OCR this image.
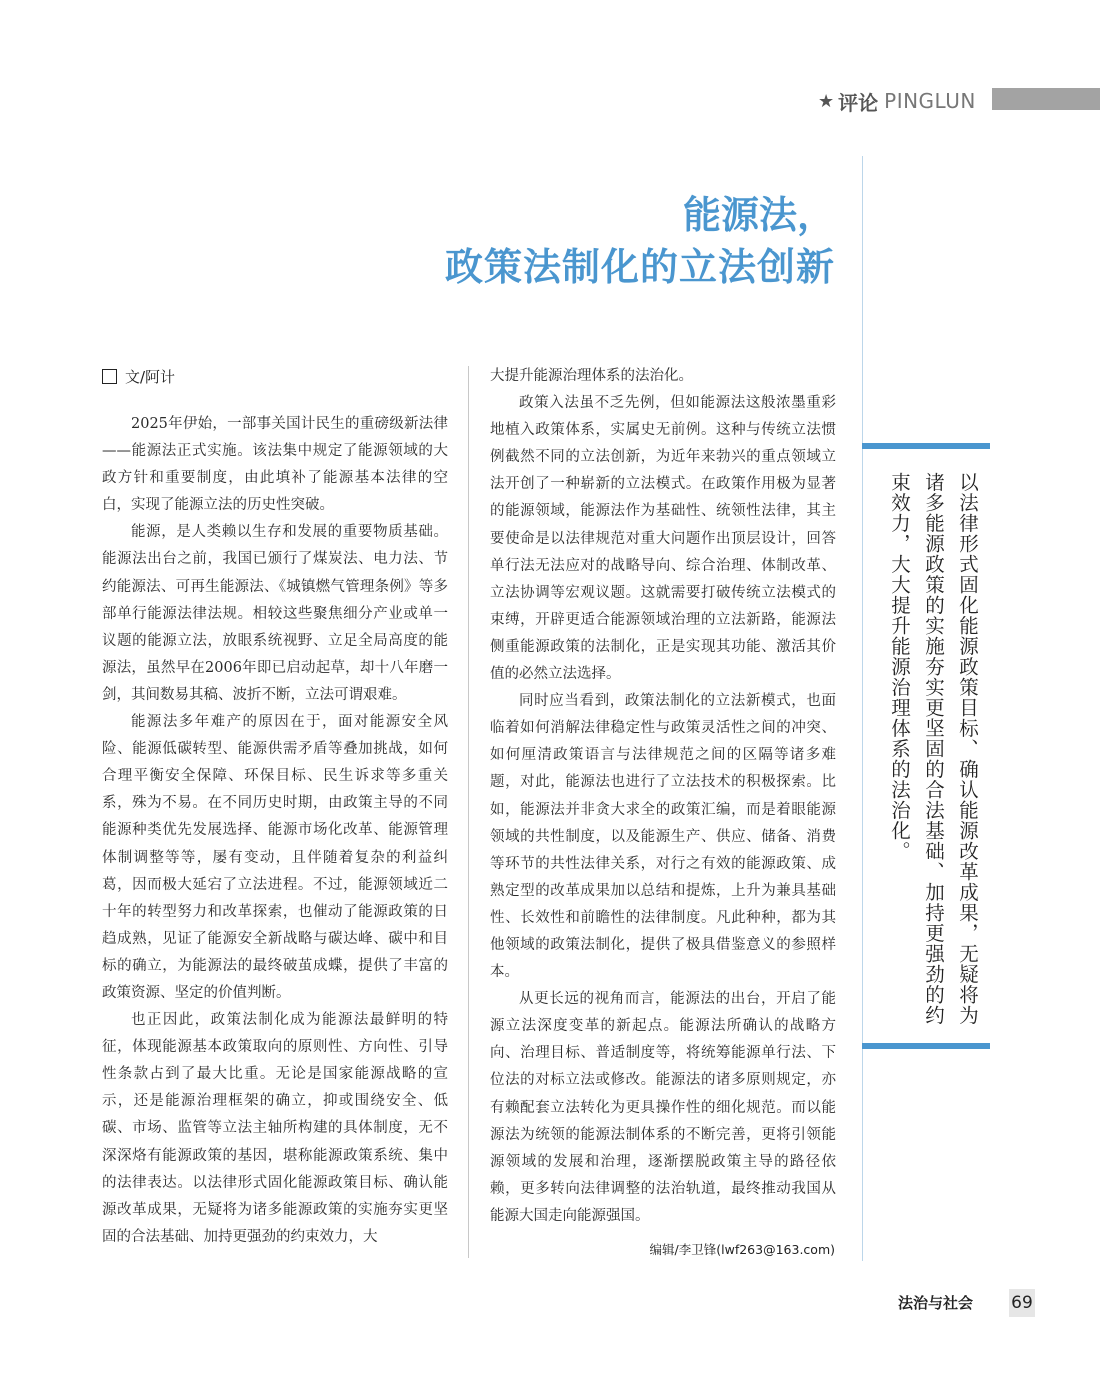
★ 评论 PINGLUN
能源法，
政策法制化的立法创新
文/阿计

2025年伊始，一部事关国计民生的重磅级新法律——能源法正式实施。该法集中规定了能源领域的大政方针和重要制度，由此填补了能源基本法律的空白，实现了能源立法的历史性突破。

能源，是人类赖以生存和发展的重要物质基础。能源法出台之前，我国已颁行了煤炭法、电力法、节约能源法、可再生能源法、《城镇燃气管理条例》等多部单行能源法律法规。相较这些聚焦细分产业或单一议题的能源立法，放眼系统视野、立足全局高度的能源法，虽然早在2006年即已启动起草，却十八年磨一剑，其间数易其稿、波折不断，立法可谓艰难。

能源法多年难产的原因在于，面对能源安全风险、能源低碳转型、能源供需矛盾等叠加挑战，如何合理平衡安全保障、环保目标、民生诉求等多重关系，殊为不易。在不同历史时期，由政策主导的不同能源种类优先发展选择、能源市场化改革、能源管理体制调整等等，屡有变动，且伴随着复杂的利益纠葛，因而极大延宕了立法进程。不过，能源领域近二十年的转型努力和改革探索，也催动了能源政策的日趋成熟，见证了能源安全新战略与碳达峰、碳中和目标的确立，为能源法的最终破茧成蝶，提供了丰富的政策资源、坚定的价值判断。

也正因此，政策法制化成为能源法最鲜明的特征，体现能源基本政策取向的原则性、方向性、引导性条款占到了最大比重。无论是国家能源战略的宣示，还是能源治理框架的确立，抑或围绕安全、低碳、市场、监管等立法主轴所构建的具体制度，无不深深烙有能源政策的基因，堪称能源政策系统、集中的法律表达。以法律形式固化能源政策目标、确认能源改革成果，无疑将为诸多能源政策的实施夯实更坚固的合法基础、加持更强劲的约束效力，大

大提升能源治理体系的法治化。

政策入法虽不乏先例，但如能源法这般浓墨重彩地植入政策体系，实属史无前例。这种与传统立法惯例截然不同的立法创新，为近年来勃兴的重点领域立法开创了一种崭新的立法模式。在政策作用极为显著的能源领域，能源法作为基础性、统领性法律，其主要使命是以法律规范对重大问题作出顶层设计，回答单行法无法应对的战略导向、综合治理、体制改革、立法协调等宏观议题。这就需要打破传统立法模式的束缚，开辟更适合能源领域治理的立法新路，能源法侧重能源政策的法制化，正是实现其功能、激活其价值的必然立法选择。

同时应当看到，政策法制化的立法新模式，也面临着如何消解法律稳定性与政策灵活性之间的冲突、如何厘清政策语言与法律规范之间的区隔等诸多难题，对此，能源法也进行了立法技术的积极探索。比如，能源法并非贪大求全的政策汇编，而是着眼能源领域的共性制度，以及能源生产、供应、储备、消费等环节的共性法律关系，对行之有效的能源政策、成熟定型的改革成果加以总结和提炼，上升为兼具基础性、长效性和前瞻性的法律制度。凡此种种，都为其他领域的政策法制化，提供了极具借鉴意义的参照样本。

从更长远的视角而言，能源法的出台，开启了能源立法深度变革的新起点。能源法所确认的战略方向、治理目标、普适制度等，将统筹能源单行法、下位法的对标立法或修改。能源法的诸多原则规定，亦有赖配套立法转化为更具操作性的细化规范。而以能源法为统领的能源法制体系的不断完善，更将引领能源领域的发展和治理，逐渐摆脱政策主导的路径依赖，更多转向法律调整的法治轨道，最终推动我国从能源大国走向能源强国。

编辑/李卫锋(lwf263@163.com)
以法律形式固化能源政策目标、确认能源改革成果，无疑将为诸多能源政策的实施夯实更坚固的合法基础、加持更强劲的约束效力，大大提升能源治理体系的法治化。
法治与社会 69
